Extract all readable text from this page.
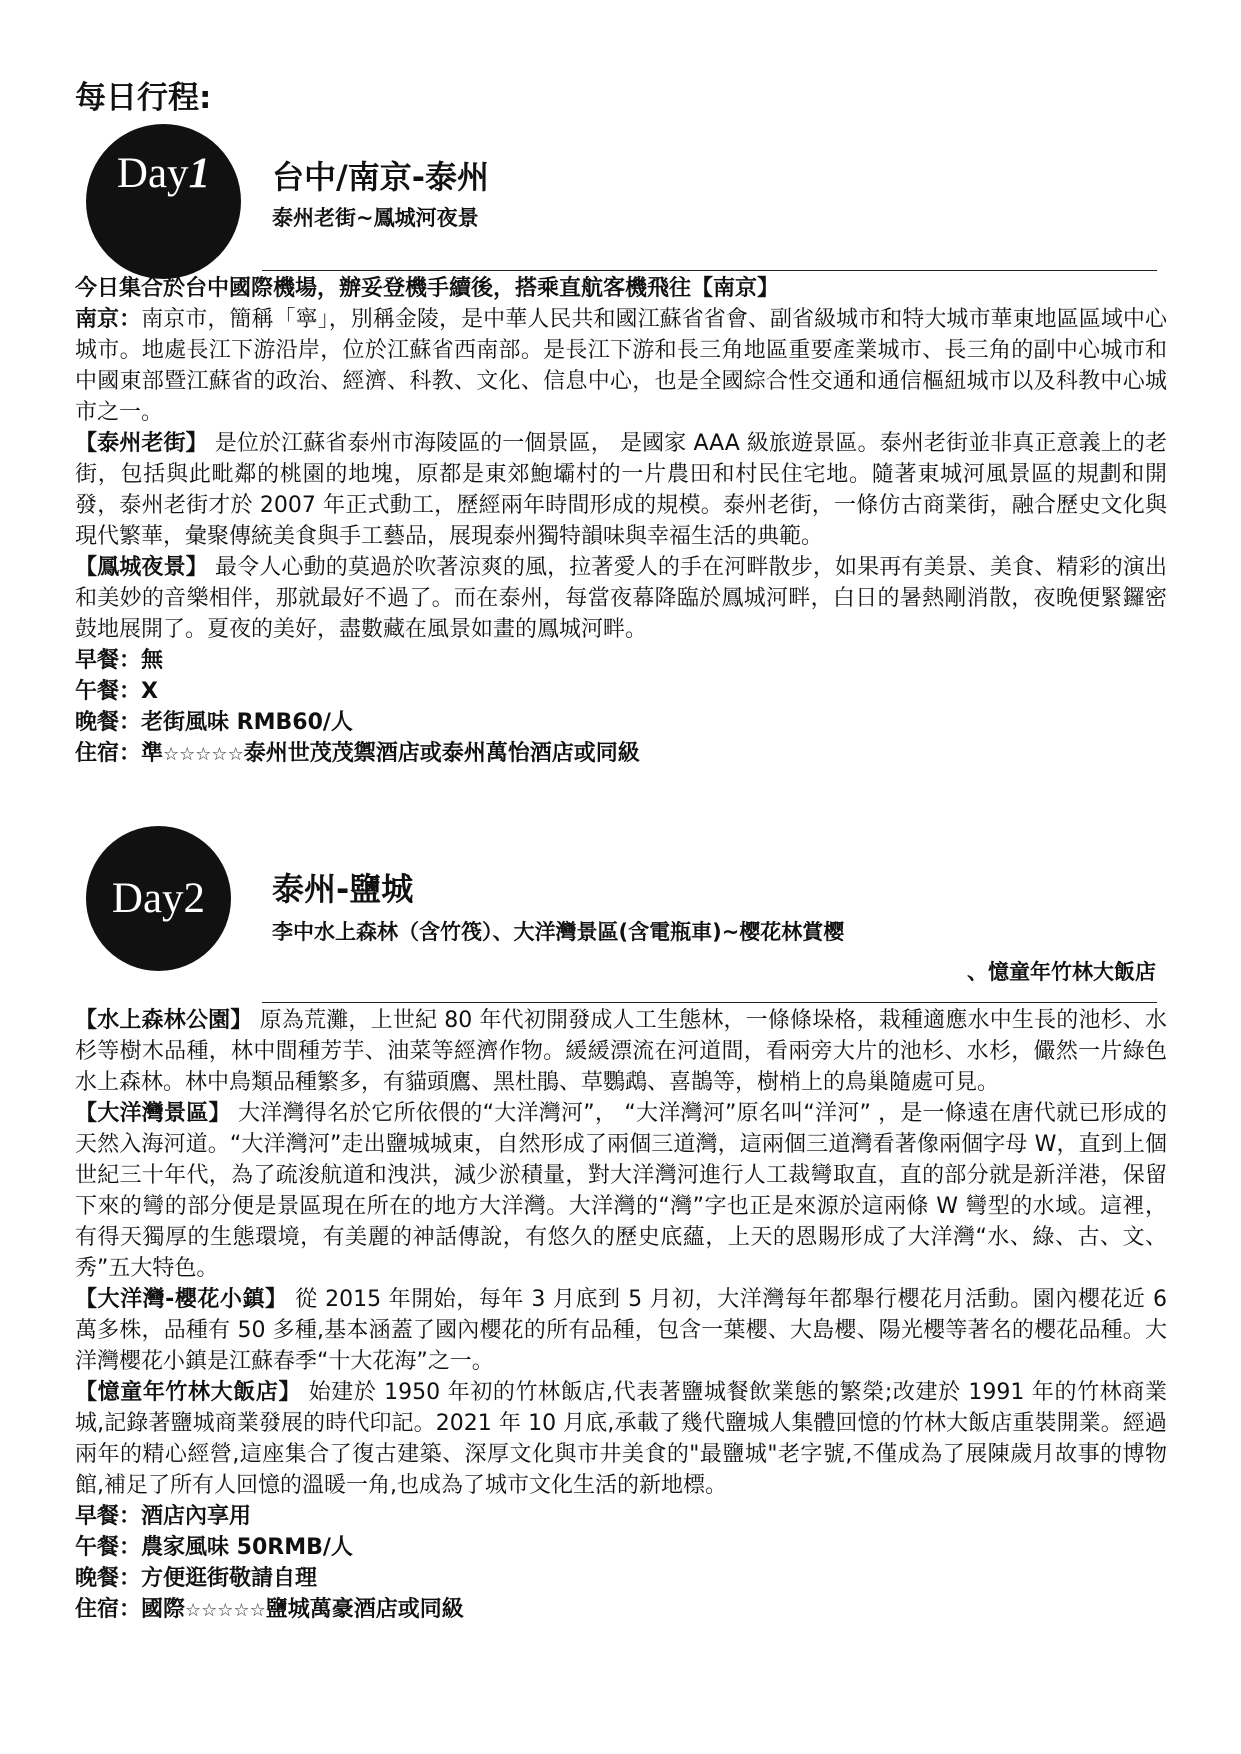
每日行程:
Day1	台中/南京-泰州
泰州老街~鳳城河夜景

今日集合於台中國際機場，辦妥登機手續後，搭乘直航客機飛往【南京】

南京：南京市，簡稱「寧」，別稱金陵，是中華人民共和國江蘇省省會、副省級城市和特大城市華東地區區域中心城市。地處長江下游沿岸，位於江蘇省西南部。是長江下游和長三角地區重要產業城市、長三角的副中心城市和中國東部暨江蘇省的政治、經濟、科教、文化、信息中心，也是全國綜合性交通和通信樞紐城市以及科教中心城市之一。

【泰州老街】 是位於江蘇省泰州市海陵區的一個景區， 是國家 AAA 級旅遊景區。泰州老街並非真正意義上的老街，包括與此毗鄰的桃園的地塊，原都是東郊鮑壩村的一片農田和村民住宅地。隨著東城河風景區的規劃和開發，泰州老街才於 2007 年正式動工，歷經兩年時間形成的規模。泰州老街，一條仿古商業街，融合歷史文化與現代繁華，彙聚傳統美食與手工藝品，展現泰州獨特韻味與幸福生活的典範。

【鳳城夜景】 最令人心動的莫過於吹著涼爽的風，拉著愛人的手在河畔散步，如果再有美景、美食、精彩的演出和美妙的音樂相伴，那就最好不過了。而在泰州，每當夜幕降臨於鳳城河畔，白日的暑熱剛消散，夜晚便緊鑼密鼓地展開了。夏夜的美好，盡數藏在風景如畫的鳳城河畔。

早餐：無
午餐：X
晚餐：老街風味 RMB60/人
住宿：準☆☆☆☆☆泰州世茂茂禦酒店或泰州萬怡酒店或同級
Day2	泰州-鹽城
李中水上森林（含竹筏）、大洋灣景區(含電瓶車)~樱花林賞樱
、憶童年竹林大飯店

【水上森林公園】 原為荒灘，上世紀 80 年代初開發成人工生態林，一條條垛格，栽種適應水中生長的池杉、水杉等樹木品種，林中間種芳芋、油菜等經濟作物。緩緩漂流在河道間，看兩旁大片的池杉、水杉，儼然一片綠色水上森林。林中鳥類品種繁多，有貓頭鷹、黑杜鵑、草鸚鵡、喜鵲等，樹梢上的鳥巢隨處可見。

【大洋灣景區】 大洋灣得名於它所依偎的“大洋灣河”， “大洋灣河”原名叫“洋河” ，是一條遠在唐代就已形成的天然入海河道。“大洋灣河”走出鹽城城東，自然形成了兩個三道灣，這兩個三道灣看著像兩個字母 W，直到上個世紀三十年代，為了疏浚航道和洩洪，減少淤積量，對大洋灣河進行人工裁彎取直，直的部分就是新洋港，保留下來的彎的部分便是景區現在所在的地方大洋灣。大洋灣的“灣”字也正是來源於這兩條 W 彎型的水域。這裡，有得天獨厚的生態環境，有美麗的神話傳說，有悠久的歷史底蘊，上天的恩賜形成了大洋灣“水、綠、古、文、秀”五大特色。

【大洋灣-櫻花小鎮】 從 2015 年開始，每年 3 月底到 5 月初，大洋灣每年都舉行櫻花月活動。園內櫻花近 6 萬多株，品種有 50 多種,基本涵蓋了國內櫻花的所有品種，包含一葉櫻、大島櫻、陽光櫻等著名的櫻花品種。大洋灣櫻花小鎮是江蘇春季“十大花海”之一。

【憶童年竹林大飯店】 始建於 1950 年初的竹林飯店,代表著鹽城餐飲業態的繁榮;改建於 1991 年的竹林商業城,記錄著鹽城商業發展的時代印記。2021 年 10 月底,承載了幾代鹽城人集體回憶的竹林大飯店重裝開業。經過兩年的精心經營,這座集合了復古建築、深厚文化與市井美食的"最鹽城"老字號,不僅成為了展陳歲月故事的博物館,補足了所有人回憶的溫暖一角,也成為了城市文化生活的新地標。

早餐：酒店內享用
午餐：農家風味 50RMB/人
晚餐：方便逛街敬請自理
住宿：國際☆☆☆☆☆鹽城萬豪酒店或同級
